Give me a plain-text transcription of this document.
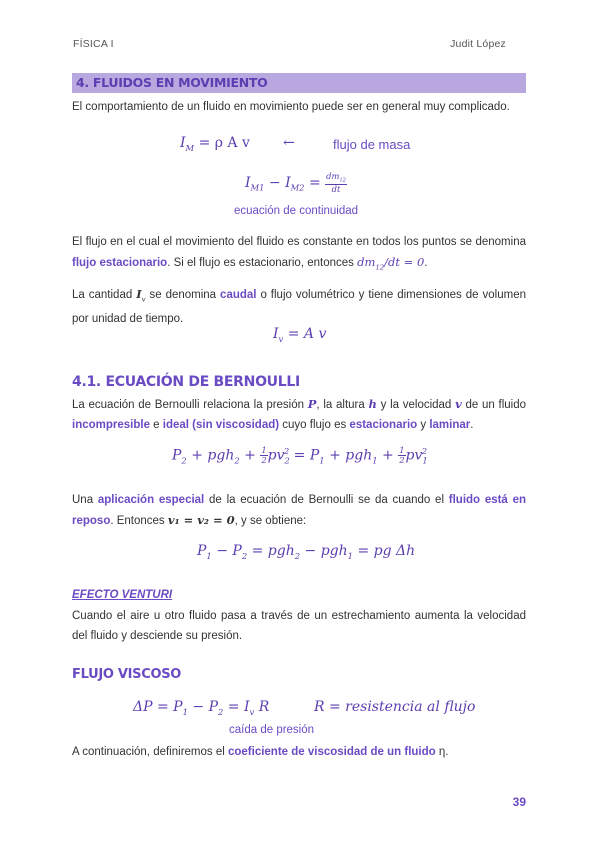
FÍSICA I	Judit López
4. FLUIDOS EN MOVIMIENTO
El comportamiento de un fluido en movimiento puede ser en general muy complicado.
$I_M = \rho$ A v ←	flujo de masa
$I_{M1} - I_{M2} = \frac{dm_{12}}{dt}$
ecuación de continuidad
El flujo en el cual el movimiento del fluido es constante en todos los puntos se denomina flujo estacionario. Si el flujo es estacionario, entonces $dm_{12}/dt = 0$.
La cantidad $I_v$ se denomina caudal o flujo volumétrico y tiene dimensiones de volumen por unidad de tiempo.
$I_v = A$ v
4.1. ECUACIÓN DE BERNOULLI
La ecuación de Bernoulli relaciona la presión P, la altura h y la velocidad v de un fluido incompresible e ideal (sin viscosidad) cuyo flujo es estacionario y laminar.
$P_2 + pgh_2 + \frac{1}{2} pv_2^2 = P_1 + pgh_1 + \frac{1}{2} pv_1^2$
Una aplicación especial de la ecuación de Bernoulli se da cuando el fluido está en reposo. Entonces v₁ = v₂ = 0, y se obtiene:
$P_1 - P_2 = pgh_2 - pgh_1$ = pg Δh
EFECTO VENTURI
Cuando el aire u otro fluido pasa a través de un estrechamiento aumenta la velocidad del fluido y desciende su presión.
FLUJO VISCOSO
$\Delta P = P_1 - P_2 = I_v$ R	R = resistencia al flujo
caída de presión
A continuación, definiremos el coeficiente de viscosidad de un fluido η.
39
